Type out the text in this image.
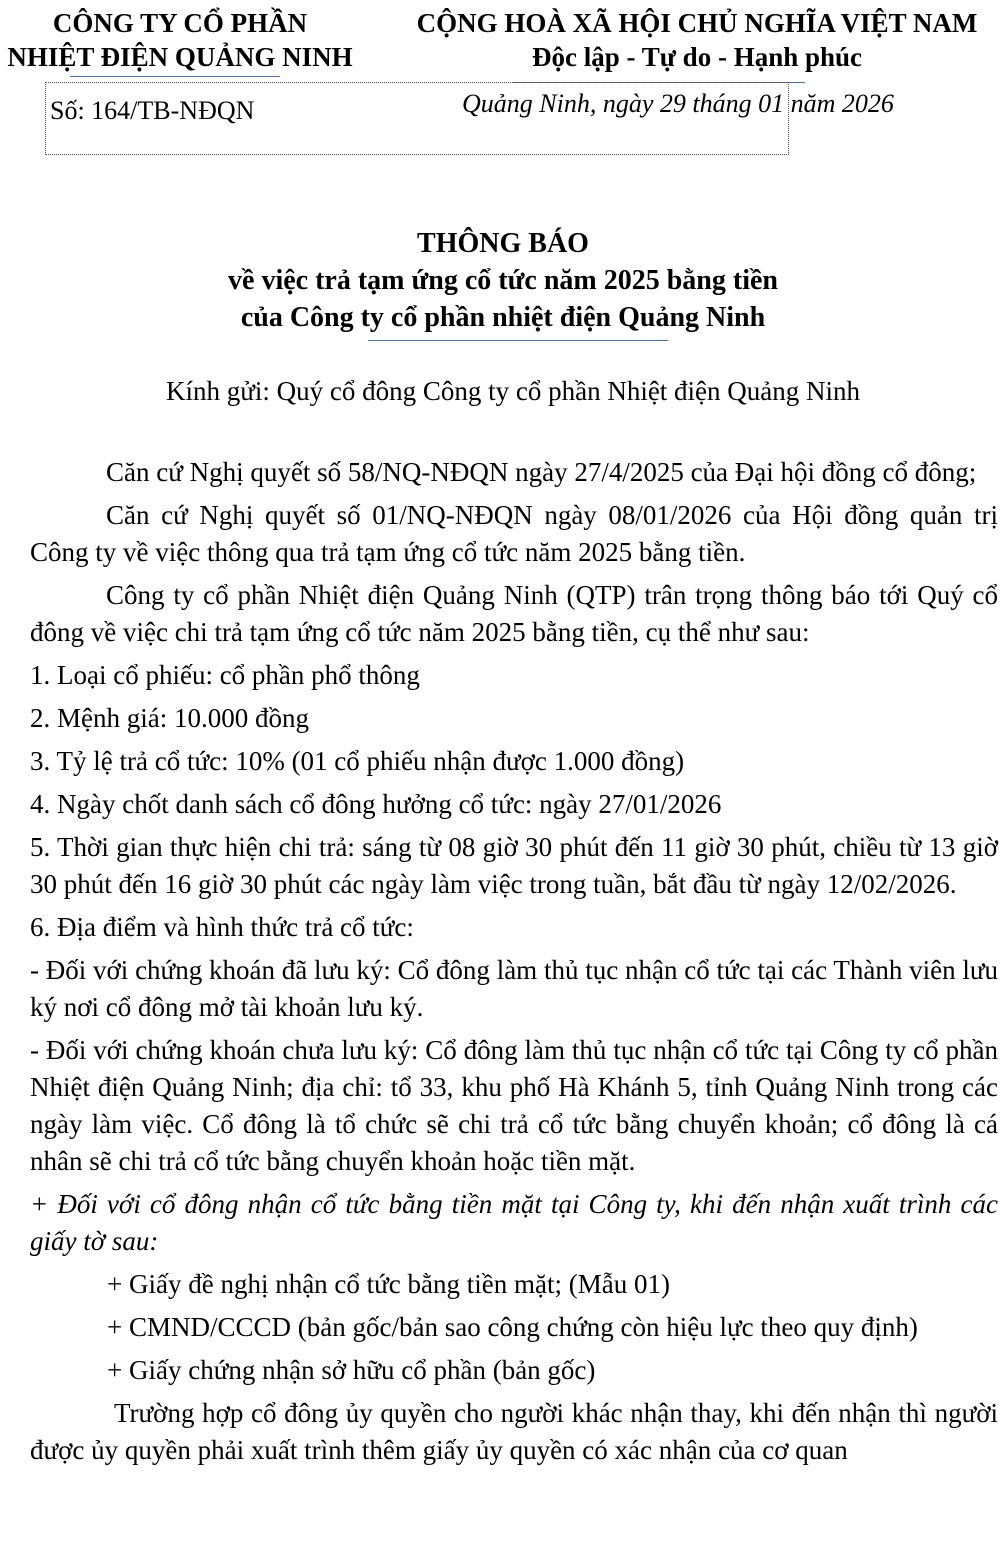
CÔNG TY CỔ PHẦN
NHIỆT ĐIỆN QUẢNG NINH
CỘNG HOÀ XÃ HỘI CHỦ NGHĨA VIỆT NAM
Độc lập - Tự do - Hạnh phúc
Số: 164/TB-NĐQN	Quảng Ninh, ngày 29 tháng 01 năm 2026
THÔNG BÁO
về việc trả tạm ứng cổ tức năm 2025 bằng tiền
của Công ty cổ phần nhiệt điện Quảng Ninh
Kính gửi: Quý cổ đông Công ty cổ phần Nhiệt điện Quảng Ninh

Căn cứ Nghị quyết số 58/NQ-NĐQN ngày 27/4/2025 của Đại hội đồng cổ đông;

Căn cứ Nghị quyết số 01/NQ-NĐQN ngày 08/01/2026 của Hội đồng quản trị Công ty về việc thông qua trả tạm ứng cổ tức năm 2025 bằng tiền.

Công ty cổ phần Nhiệt điện Quảng Ninh (QTP) trân trọng thông báo tới Quý cổ đông về việc chi trả tạm ứng cổ tức năm 2025 bằng tiền, cụ thể như sau:

1. Loại cổ phiếu: cổ phần phổ thông

2. Mệnh giá: 10.000 đồng

3. Tỷ lệ trả cổ tức: 10% (01 cổ phiếu nhận được 1.000 đồng)

4. Ngày chốt danh sách cổ đông hưởng cổ tức: ngày 27/01/2026

5. Thời gian thực hiện chi trả: sáng từ 08 giờ 30 phút đến 11 giờ 30 phút, chiều từ 13 giờ 30 phút đến 16 giờ 30 phút các ngày làm việc trong tuần, bắt đầu từ ngày 12/02/2026.

6. Địa điểm và hình thức trả cổ tức:

- Đối với chứng khoán đã lưu ký: Cổ đông làm thủ tục nhận cổ tức tại các Thành viên lưu ký nơi cổ đông mở tài khoản lưu ký.

- Đối với chứng khoán chưa lưu ký: Cổ đông làm thủ tục nhận cổ tức tại Công ty cổ phần Nhiệt điện Quảng Ninh; địa chỉ: tổ 33, khu phố Hà Khánh 5, tỉnh Quảng Ninh trong các ngày làm việc. Cổ đông là tổ chức sẽ chi trả cổ tức bằng chuyển khoản; cổ đông là cá nhân sẽ chi trả cổ tức bằng chuyển khoản hoặc tiền mặt.

+ Đối với cổ đông nhận cổ tức bằng tiền mặt tại Công ty, khi đến nhận xuất trình các giấy tờ sau:

+ Giấy đề nghị nhận cổ tức bằng tiền mặt; (Mẫu 01)

+ CMND/CCCD (bản gốc/bản sao công chứng còn hiệu lực theo quy định)

+ Giấy chứng nhận sở hữu cổ phần (bản gốc)

Trường hợp cổ đông ủy quyền cho người khác nhận thay, khi đến nhận thì người được ủy quyền phải xuất trình thêm giấy ủy quyền có xác nhận của cơ quan
